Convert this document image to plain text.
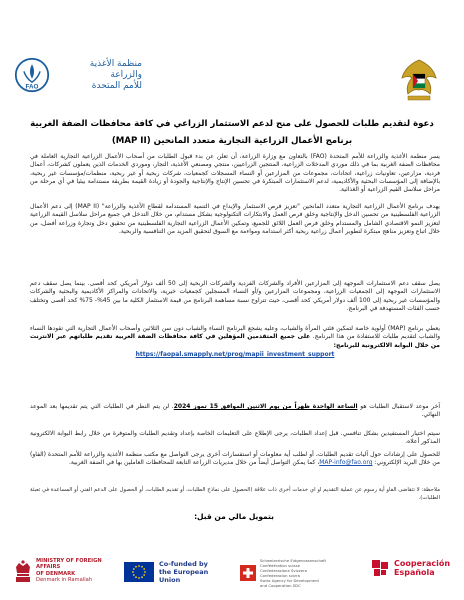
FAO
منظمة الأغذية والزراعة
للأمم المتحدة
دعوة لتقديم طلبات للحصول على منح لدعم الاستثمار الزراعي في كافة محافظات الضفة الغربية
برنامج الأعمال الزراعية التجارية متعدد المانحين (MAP II)
يسر منظمة الأغذية والزراعة للأمم المتحدة (FAO) بالتعاون مع وزارة الزراعة، أن تعلن عن بدء قبول الطلبات من أصحاب الأعمال الزراعية التجارية العاملة في محافظات الضفة الغربية بما في ذلك موردي المدخلات الزراعية، المنتجين الزراعيين، منتجي ومصنعي الأغذية، التجار، وموردي الخدمات الذين يعملون كشركات، أعمال فردية، مزارعين، تعاونيات زراعية، اتحادات، مجموعات من المزارعين أو النساء المسجلات كجمعيات، شركات ربحية أو غير ربحية، منظمات/مؤسسات غير ربحية، بالإضافة إلى المؤسسات البحثية والأكاديمية، لدعم الاستثمارات المبتكرة في تحسين الإنتاج والإنتاجية والجودة أو زيادة القيمة بطريقة مستدامة بيئيا في أي مرحلة من مراحل سلاسل القيم الزراعية أو الغذائية.
يهدف برنامج الأعمال الزراعية التجارية متعدد المانحين "تعزيز فرص الاستثمار والإبداع في التنمية المستدامة لقطاع الأغذية والزراعة" (MAP II) إلى دعم الأعمال الزراعية الفلسطينية من تحسين الدخل والإنتاجية وخلق فرص العمل والابتكارات التكنولوجية بشكل مستدام، من خلال التدخل في جميع مراحل سلاسل القيمة الزراعية لتعزيز النمو الاقتصادي الشامل والمستدام وخلق فرص العمل اللائق للجميع، وتمكين الأعمال الزراعية التجارية الفلسطينية من تحقيق دخل وتجارة وزراعة أفضل، من خلال اتباع وتعزيز مناهج مبتكرة لتطوير أعمال زراعية ربحية أكثر استدامة ومواءمة مع السوق لتحقيق المزيد من التنافسية والربحية.
يصل سقف دعم الاستثمارات الموجهة إلى المزارعين الأفراد والشركات الفردية والشركات الربحية إلى 50 ألف دولار أمريكي كحد أقصى. بينما يصل سقف دعم الاستثمارات الموجهة إلى الجمعيات الزراعية، ومجموعات المزارعين و/أو النساء المسجلين كجمعيات خيرية، والاتحادات والمراكز الأكاديمية والبحثية والشركات والمؤسسات غير ربحية إلى 100 ألف دولار أمريكي كحد أقصى، حيث تتراوح نسبة مساهمة البرنامج من قيمة الاستثمار الكلية ما بين 45%- 75% كحد أقصى وتختلف حسب الفئات المستهدفة في البرنامج.
يعطي برنامج (MAP) أولوية خاصة لتمكين فئتي المرأة والشباب، وعليه يشجع البرنامج النساء والشباب دون سن الثلاثين وأصحاب الأعمال التجارية التي تقودها النساء والشباب لتقديم طلبات للاستفادة من هذا البرنامج. على جميع المتقدمين المؤهلين في كافة محافظات الضفة الغربية تقديم طلباتهم عبر الانترنت من خلال البوابة الالكترونية للبرنامج:
https://faopal.smapply.net/prog/mapii_investment_support
آخر موعد لاستقبال الطلبات هو الساعة الواحدة ظهراً من يوم الاثنين الموافق 15 تموز 2024. لن يتم النظر في الطلبات التي يتم تقديمها بعد الموعد النهائي.
سيتم اختيار المستفيدين بشكل تنافسي. قبل إعداد الطلبات، يرجى الإطلاع على التعليمات الخاصة بإعداد وتقديم الطلبات والمتوفرة من خلال رابط البوابة الالكترونية المذكور أعلاه.
للحصول على إرشادات حول آليات تقديم الطلبات، أو لطلب أية معلومات أو استفسارات أخرى يرجى التواصل مع مكتب منظمة الأغذية والزراعة للأمم المتحدة (الفاو) من خلال البريد الإلكتروني: MAP-info@fao.org، كما يمكن التواصل أيضاً من خلال مديريات الزراعة التابعة للمحافظات العاملين بها في الضفة الغربية.
ملاحظة: لا تتقاضى الفاو أية رسوم عن عملية التقديم او اي خدمات أخرى ذات علاقة (الحصول على نماذج الطلبات، أو تقديم الطلبات، أو الحصول على الدعم الفني أو المساعدة في تعبئة الطلبات).
بتمويل مالي من قبل:
MINISTRY OF FOREIGN AFFAIRS
OF DENMARK
Denmark in Ramallah
Co-funded by
the European Union
Schweizerische Eidgenossenschaft Confédération suisse Confederazione Svizzera Confederaziun svizra
Swiss Agency for Development and Cooperation SDC
Cooperación
Española
